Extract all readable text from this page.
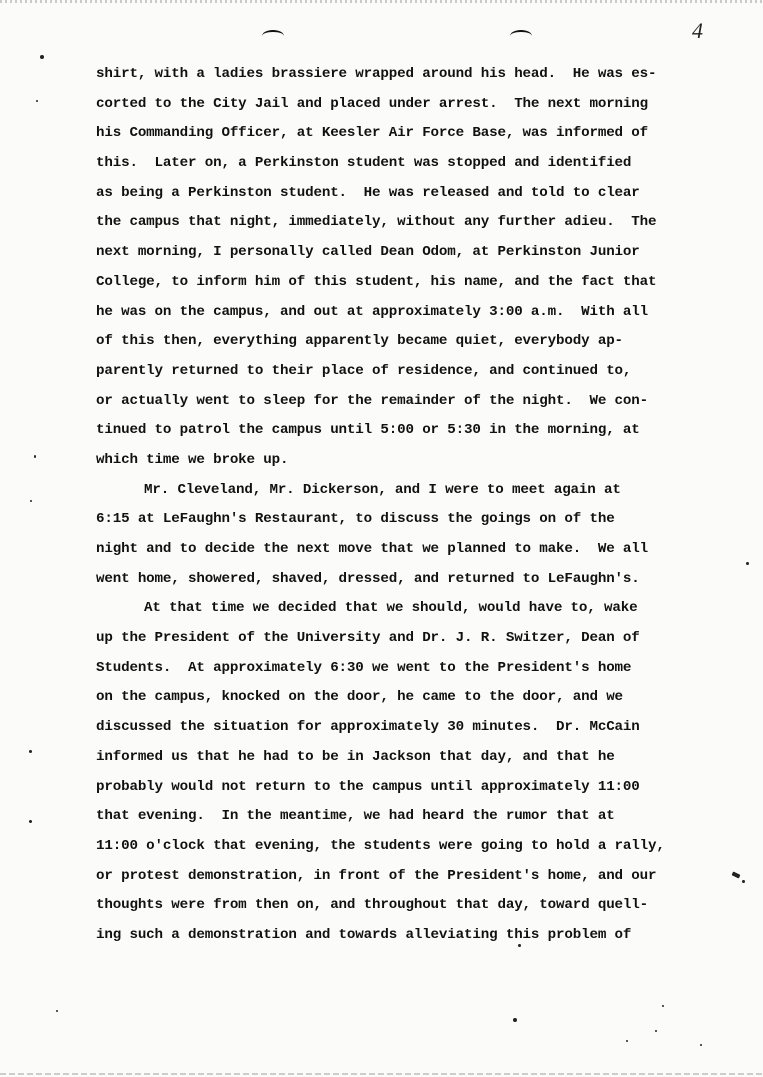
4
shirt, with a ladies brassiere wrapped around his head.  He was es-
corted to the City Jail and placed under arrest.  The next morning
his Commanding Officer, at Keesler Air Force Base, was informed of
this.  Later on, a Perkinston student was stopped and identified
as being a Perkinston student.  He was released and told to clear
the campus that night, immediately, without any further adieu.  The
next morning, I personally called Dean Odom, at Perkinston Junior
College, to inform him of this student, his name, and the fact that
he was on the campus, and out at approximately 3:00 a.m.  With all
of this then, everything apparently became quiet, everybody ap-
parently returned to their place of residence, and continued to,
or actually went to sleep for the remainder of the night.  We con-
tinued to patrol the campus until 5:00 or 5:30 in the morning, at
which time we broke up.
Mr. Cleveland, Mr. Dickerson, and I were to meet again at
6:15 at LeFaughn's Restaurant, to discuss the goings on of the
night and to decide the next move that we planned to make.  We all
went home, showered, shaved, dressed, and returned to LeFaughn's.
At that time we decided that we should, would have to, wake
up the President of the University and Dr. J. R. Switzer, Dean of
Students.  At approximately 6:30 we went to the President's home
on the campus, knocked on the door, he came to the door, and we
discussed the situation for approximately 30 minutes.  Dr. McCain
informed us that he had to be in Jackson that day, and that he
probably would not return to the campus until approximately 11:00
that evening.  In the meantime, we had heard the rumor that at
11:00 o'clock that evening, the students were going to hold a rally,
or protest demonstration, in front of the President's home, and our
thoughts were from then on, and throughout that day, toward quell-
ing such a demonstration and towards alleviating this problem of
